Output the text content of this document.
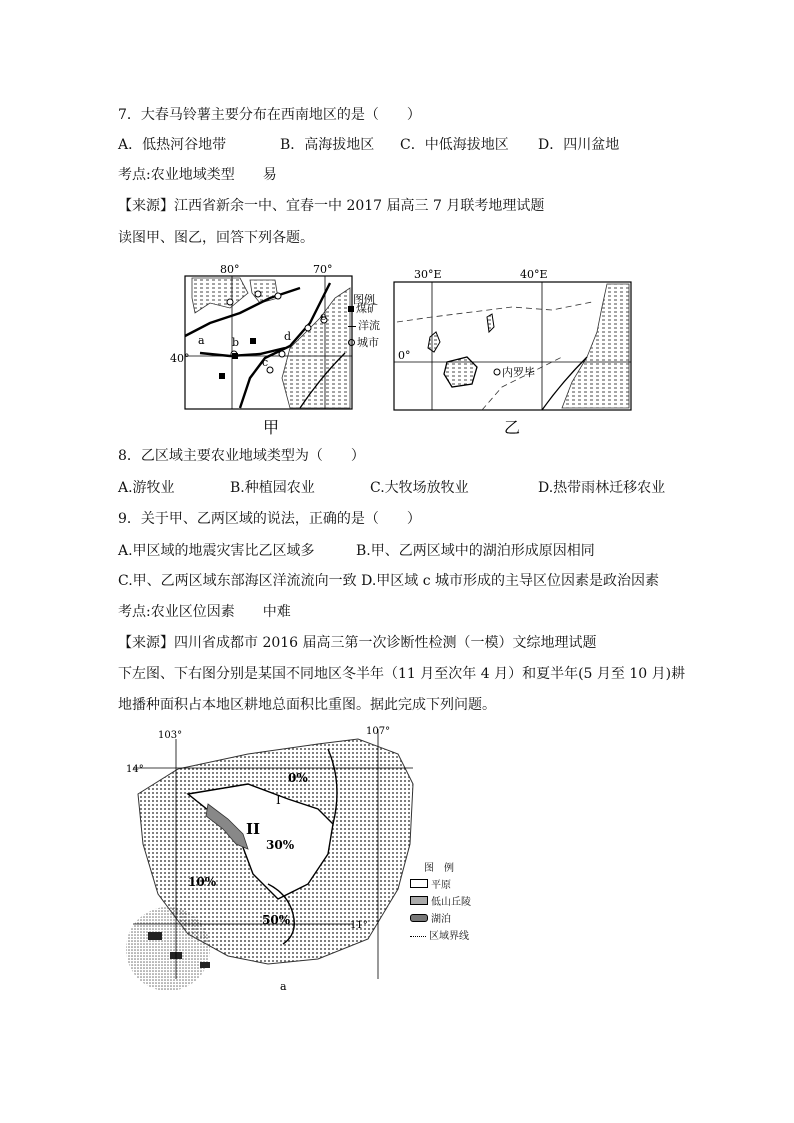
7．大春马铃薯主要分布在西南地区的是（　　）
A．低热河谷地带	B．高海拔地区 C．中低海拔地区 D．四川盆地
考点:农业地域类型　　易
【来源】江西省新余一中、宜春一中 2017 届高三 7 月联考地理试题
读图甲、图乙，回答下列各题。
80°	70°
40°
a b
c
d
e
图例
甲
煤矿
洋流
城市
30°E	40°E
0°
内罗毕
乙
8．乙区域主要农业地域类型为（　　）
A.游牧业	B.种植园农业	C.大牧场放牧业	D.热带雨林迁移农业
9．关于甲、乙两区域的说法，正确的是（　　）
A.甲区域的地震灾害比乙区域多	B.甲、乙两区域中的湖泊形成原因相同
C.甲、乙两区域东部海区洋流流向一致 D.甲区域 c 城市形成的主导区位因素是政治因素
考点:农业区位因素　　中难
【来源】四川省成都市 2016 届高三第一次诊断性检测（一模）文综地理试题
下左图、下右图分别是某国不同地区冬半年（11 月至次年 4 月）和夏半年(5 月至 10 月)耕
地播种面积占本地区耕地总面积比重图。据此完成下列问题。
103°	107°
14°
11°
I
II
0%
30%
10%
50%
a
图　例
平原
低山丘陵
湖泊
区域界线
